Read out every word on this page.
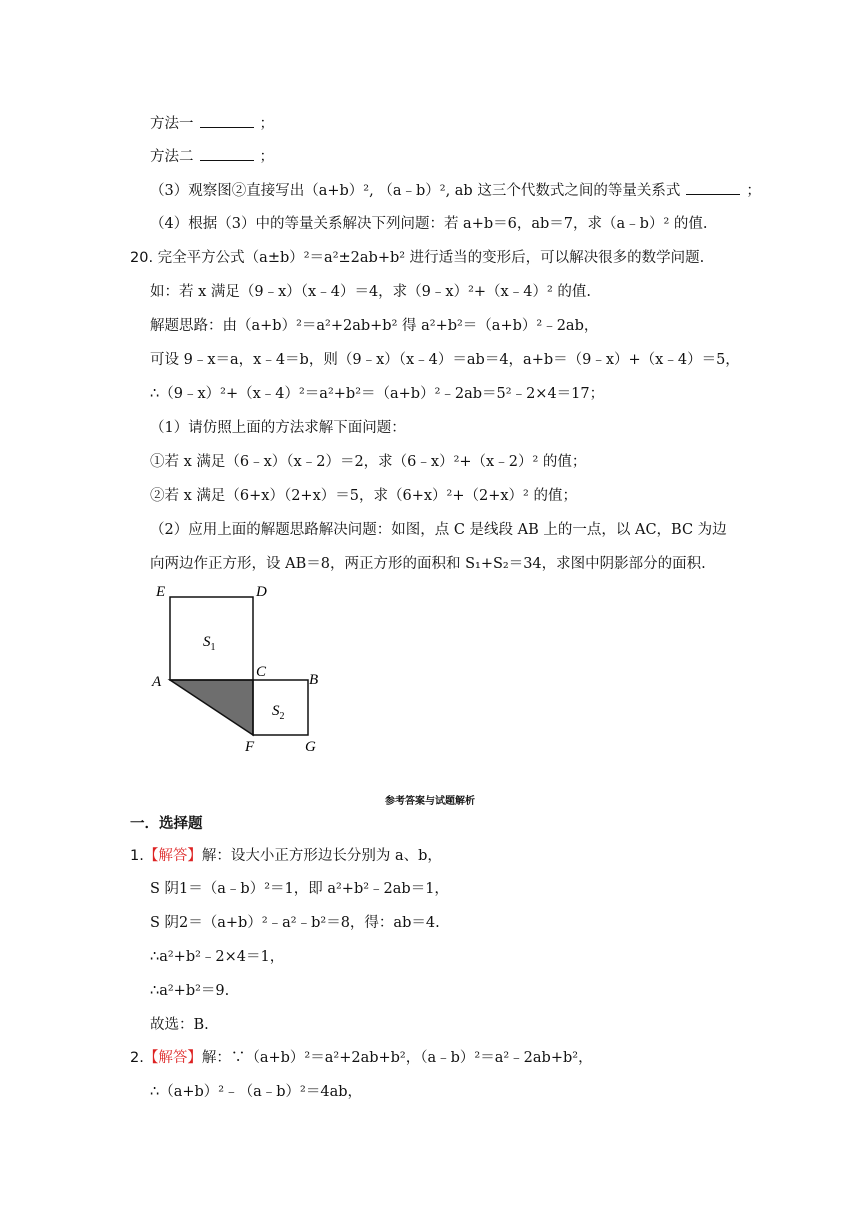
方法一	；
方法二	；
（3）观察图②直接写出（a+b）², （a﹣b）², ab 这三个代数式之间的等量关系式	；
（4）根据（3）中的等量关系解决下列问题：若 a+b＝6，ab＝7，求（a﹣b）² 的值.
20. 完全平方公式（a±b）²＝a²±2ab+b² 进行适当的变形后，可以解决很多的数学问题.
如：若 x 满足（9﹣x）（x﹣4）＝4，求（9﹣x）²+（x﹣4）² 的值.
解题思路：由（a+b）²＝a²+2ab+b² 得 a²+b²＝（a+b）²﹣2ab，
可设 9﹣x＝a，x﹣4＝b，则（9﹣x）（x﹣4）＝ab＝4，a+b＝（9﹣x）+（x﹣4）＝5，
∴（9﹣x）²+（x﹣4）²＝a²+b²＝（a+b）²﹣2ab＝5²﹣2×4＝17；
（1）请仿照上面的方法求解下面问题：
①若 x 满足（6﹣x）（x﹣2）＝2，求（6﹣x）²+（x﹣2）² 的值；
②若 x 满足（6+x）（2+x）＝5，求（6+x）²+（2+x）² 的值；
（2）应用上面的解题思路解决问题：如图，点 C 是线段 AB 上的一点，以 AC，BC 为边
向两边作正方形，设 AB＝8，两正方形的面积和 S₁+S₂＝34，求图中阴影部分的面积.
E	D
A
C	B
F	G
$S_1$
$S_2$
参考答案与试题解析
一．选择题
1.【解答】解：设大小正方形边长分别为 a、b，
S 阴1＝（a﹣b）²＝1，即 a²+b²﹣2ab＝1，
S 阴2＝（a+b）²﹣a²﹣b²＝8，得：ab＝4.
∴a²+b²﹣2×4＝1，
∴a²+b²＝9.
故选：B.
2.【解答】解：∵（a+b）²＝a²+2ab+b²，（a﹣b）²＝a²﹣2ab+b²，
∴（a+b）²﹣（a﹣b）²＝4ab，
